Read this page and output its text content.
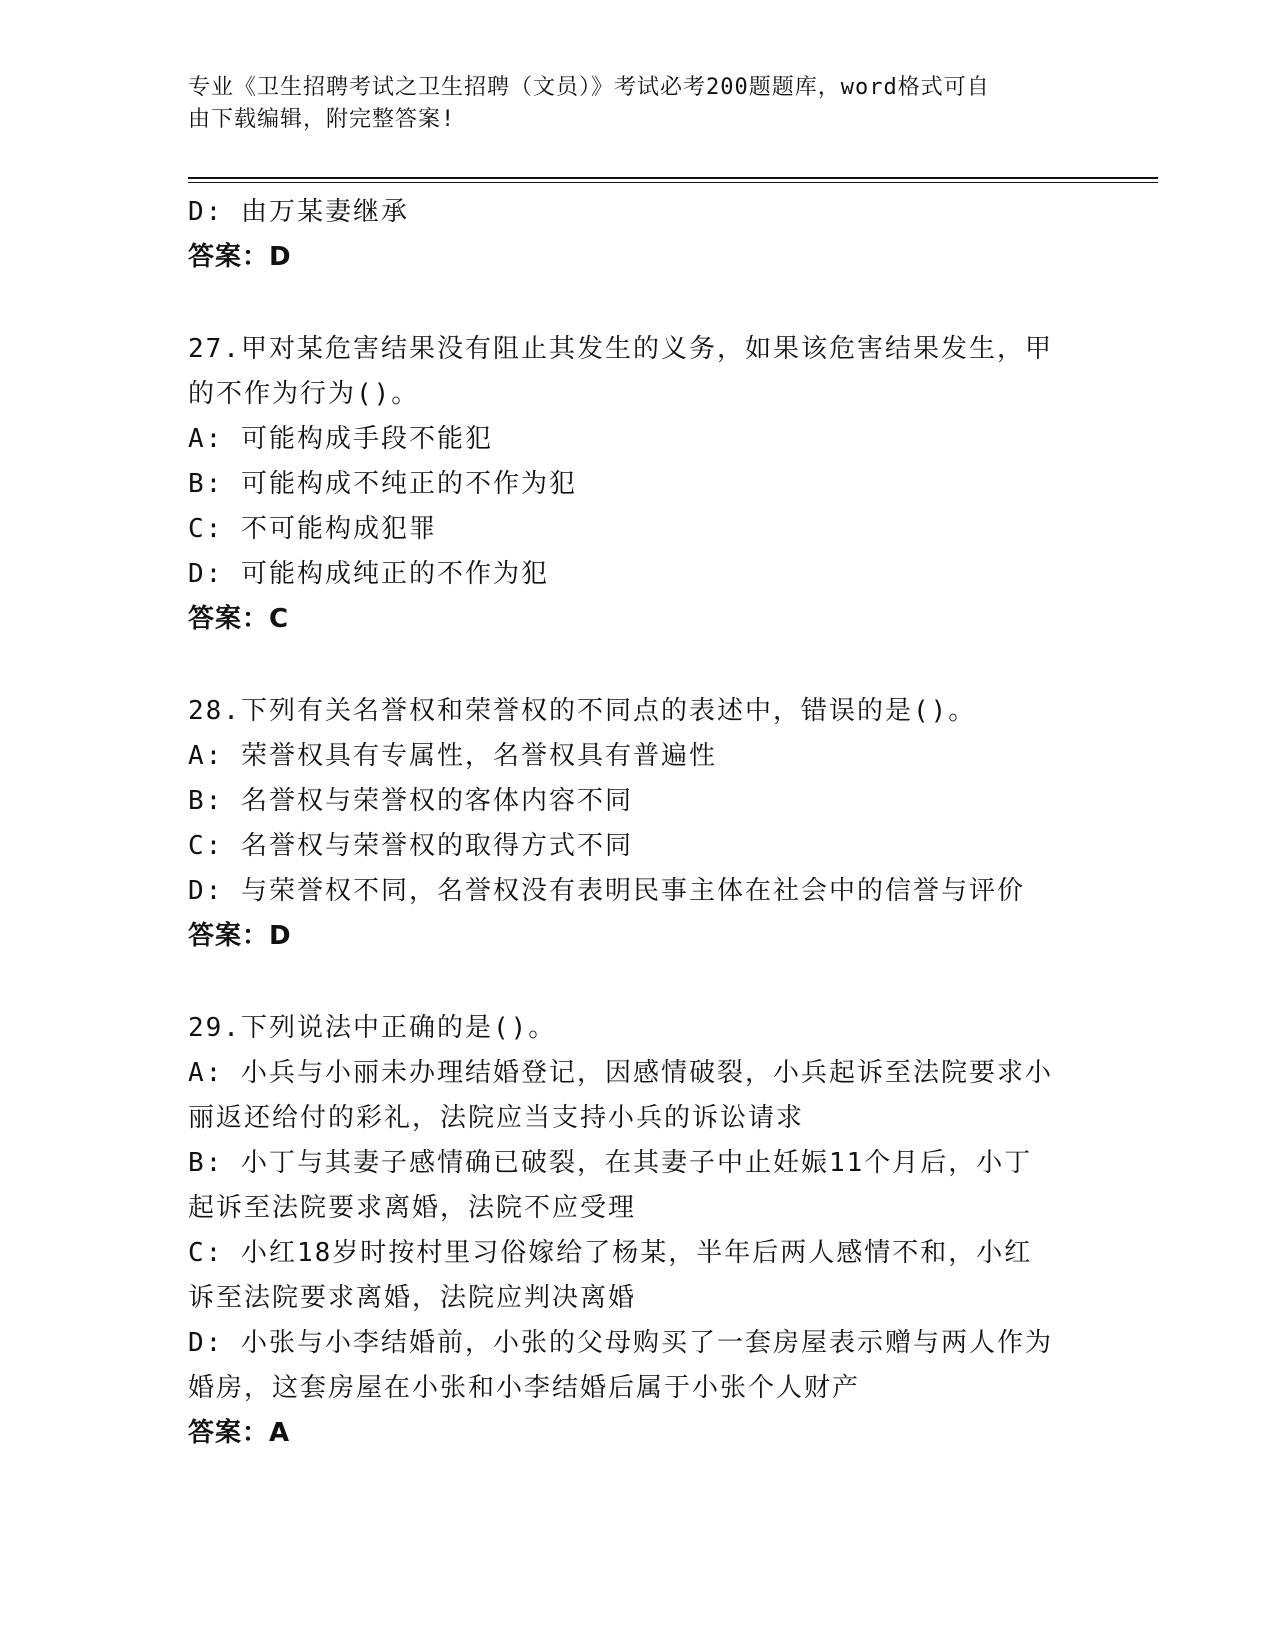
专业《卫生招聘考试之卫生招聘（文员）》考试必考200题题库，word格式可自
由下载编辑，附完整答案!
D: 由万某妻继承
答案：D
27.甲对某危害结果没有阻止其发生的义务，如果该危害结果发生，甲
的不作为行为()。
A: 可能构成手段不能犯
B: 可能构成不纯正的不作为犯
C: 不可能构成犯罪
D: 可能构成纯正的不作为犯
答案：C
28.下列有关名誉权和荣誉权的不同点的表述中，错误的是()。
A: 荣誉权具有专属性，名誉权具有普遍性
B: 名誉权与荣誉权的客体内容不同
C: 名誉权与荣誉权的取得方式不同
D: 与荣誉权不同，名誉权没有表明民事主体在社会中的信誉与评价
答案：D
29.下列说法中正确的是()。
A: 小兵与小丽未办理结婚登记，因感情破裂，小兵起诉至法院要求小
丽返还给付的彩礼，法院应当支持小兵的诉讼请求
B: 小丁与其妻子感情确已破裂，在其妻子中止妊娠11个月后，小丁
起诉至法院要求离婚，法院不应受理
C: 小红18岁时按村里习俗嫁给了杨某，半年后两人感情不和，小红
诉至法院要求离婚，法院应判决离婚
D: 小张与小李结婚前，小张的父母购买了一套房屋表示赠与两人作为
婚房，这套房屋在小张和小李结婚后属于小张个人财产
答案：A
